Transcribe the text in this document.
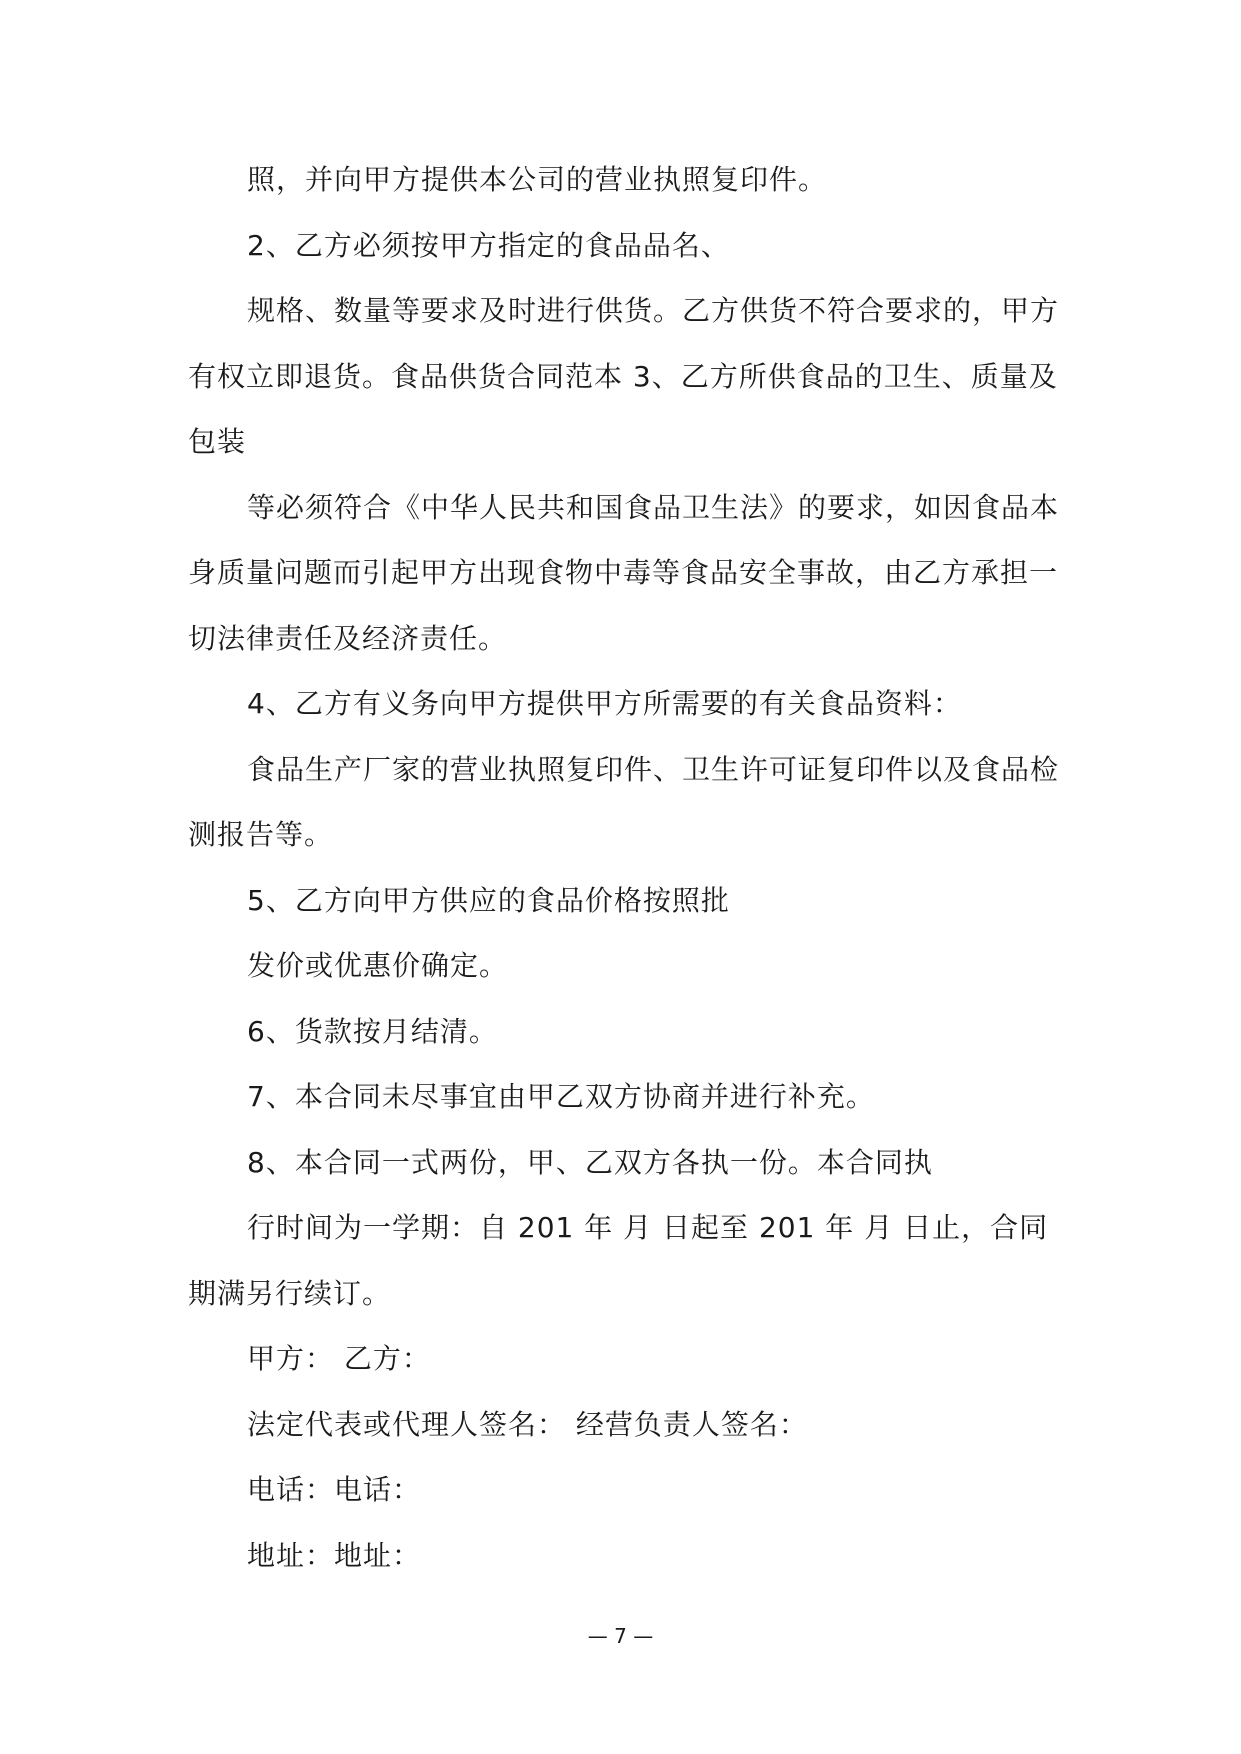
照，并向甲方提供本公司的营业执照复印件。
2、乙方必须按甲方指定的食品品名、
规格、数量等要求及时进行供货。乙方供货不符合要求的，甲方
有权立即退货。食品供货合同范本 3、乙方所供食品的卫生、质量及
包装
等必须符合《中华人民共和国食品卫生法》的要求，如因食品本
身质量问题而引起甲方出现食物中毒等食品安全事故，由乙方承担一
切法律责任及经济责任。
4、乙方有义务向甲方提供甲方所需要的有关食品资料：
食品生产厂家的营业执照复印件、卫生许可证复印件以及食品检
测报告等。
5、乙方向甲方供应的食品价格按照批
发价或优惠价确定。
6、货款按月结清。
7、本合同未尽事宜由甲乙双方协商并进行补充。
8、本合同一式两份，甲、乙双方各执一份。本合同执
行时间为一学期：自 201 年 月 日起至 201 年 月 日止，合同
期满另行续订。
甲方： 乙方：
法定代表或代理人签名： 经营负责人签名：
电话：电话：
地址：地址：
— 7 —
